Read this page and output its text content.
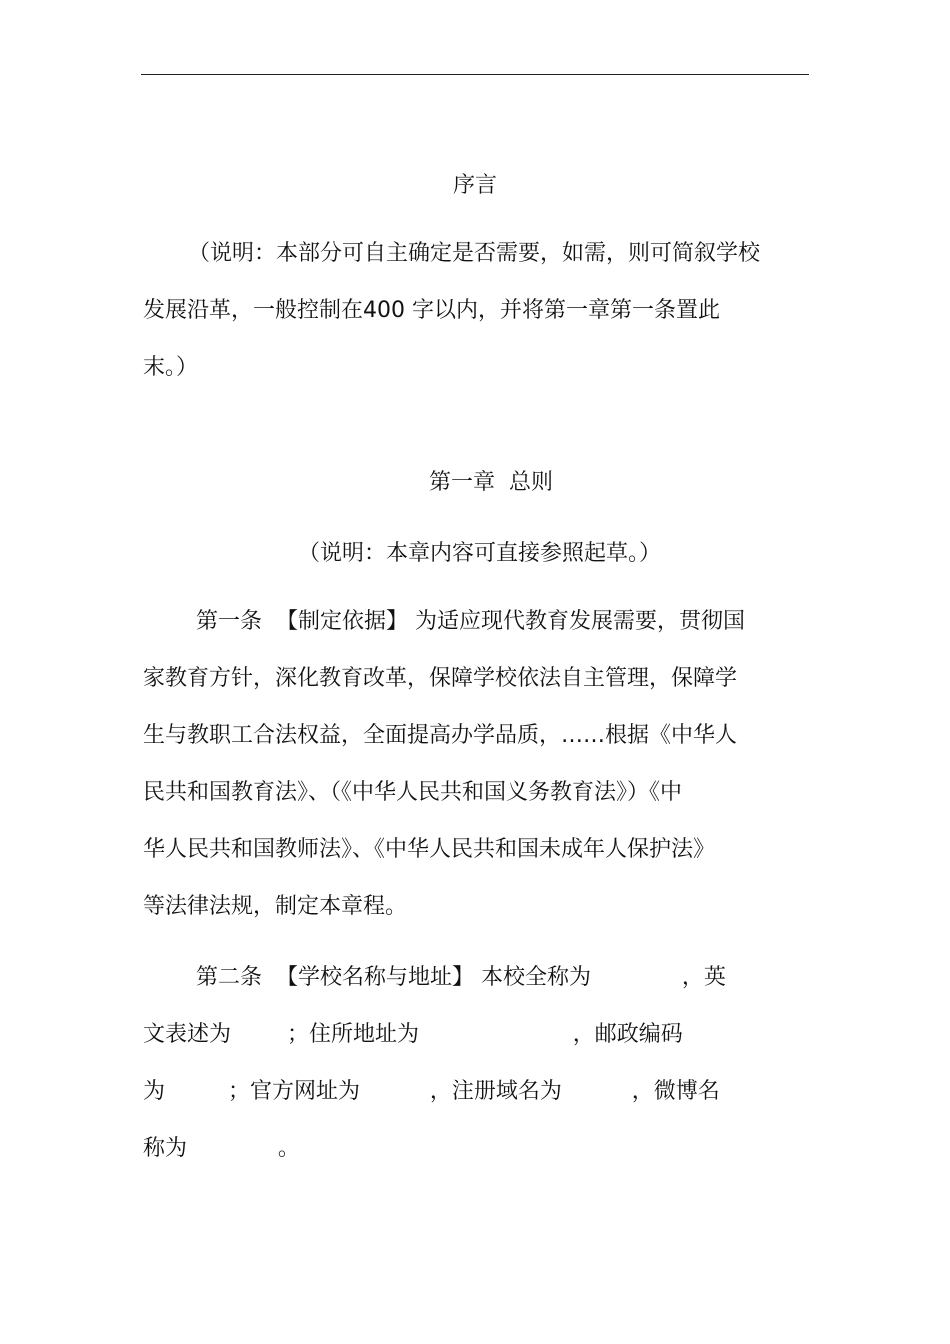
序言
（说明：本部分可自主确定是否需要，如需，则可简叙学校
发展沿革，一般控制在400 字以内，并将第一章第一条置此
末。）
第一章  总则
（说明：本章内容可直接参照起草。）
第一条  【制定依据】 为适应现代教育发展需要，贯彻国
家教育方针，深化教育改革，保障学校依法自主管理，保障学
生与教职工合法权益，全面提高办学品质，……根据《中华人
民共和国教育法》、（《中华人民共和国义务教育法》）《中
华人民共和国教师法》、《中华人民共和国未成年人保护法》
等法律法规，制定本章程。
第二条  【学校名称与地址】 本校全称为             ，英
文表述为        ；住所地址为                      ，邮政编码
为         ；官方网址为          ，注册域名为          ，微博名
称为             。
